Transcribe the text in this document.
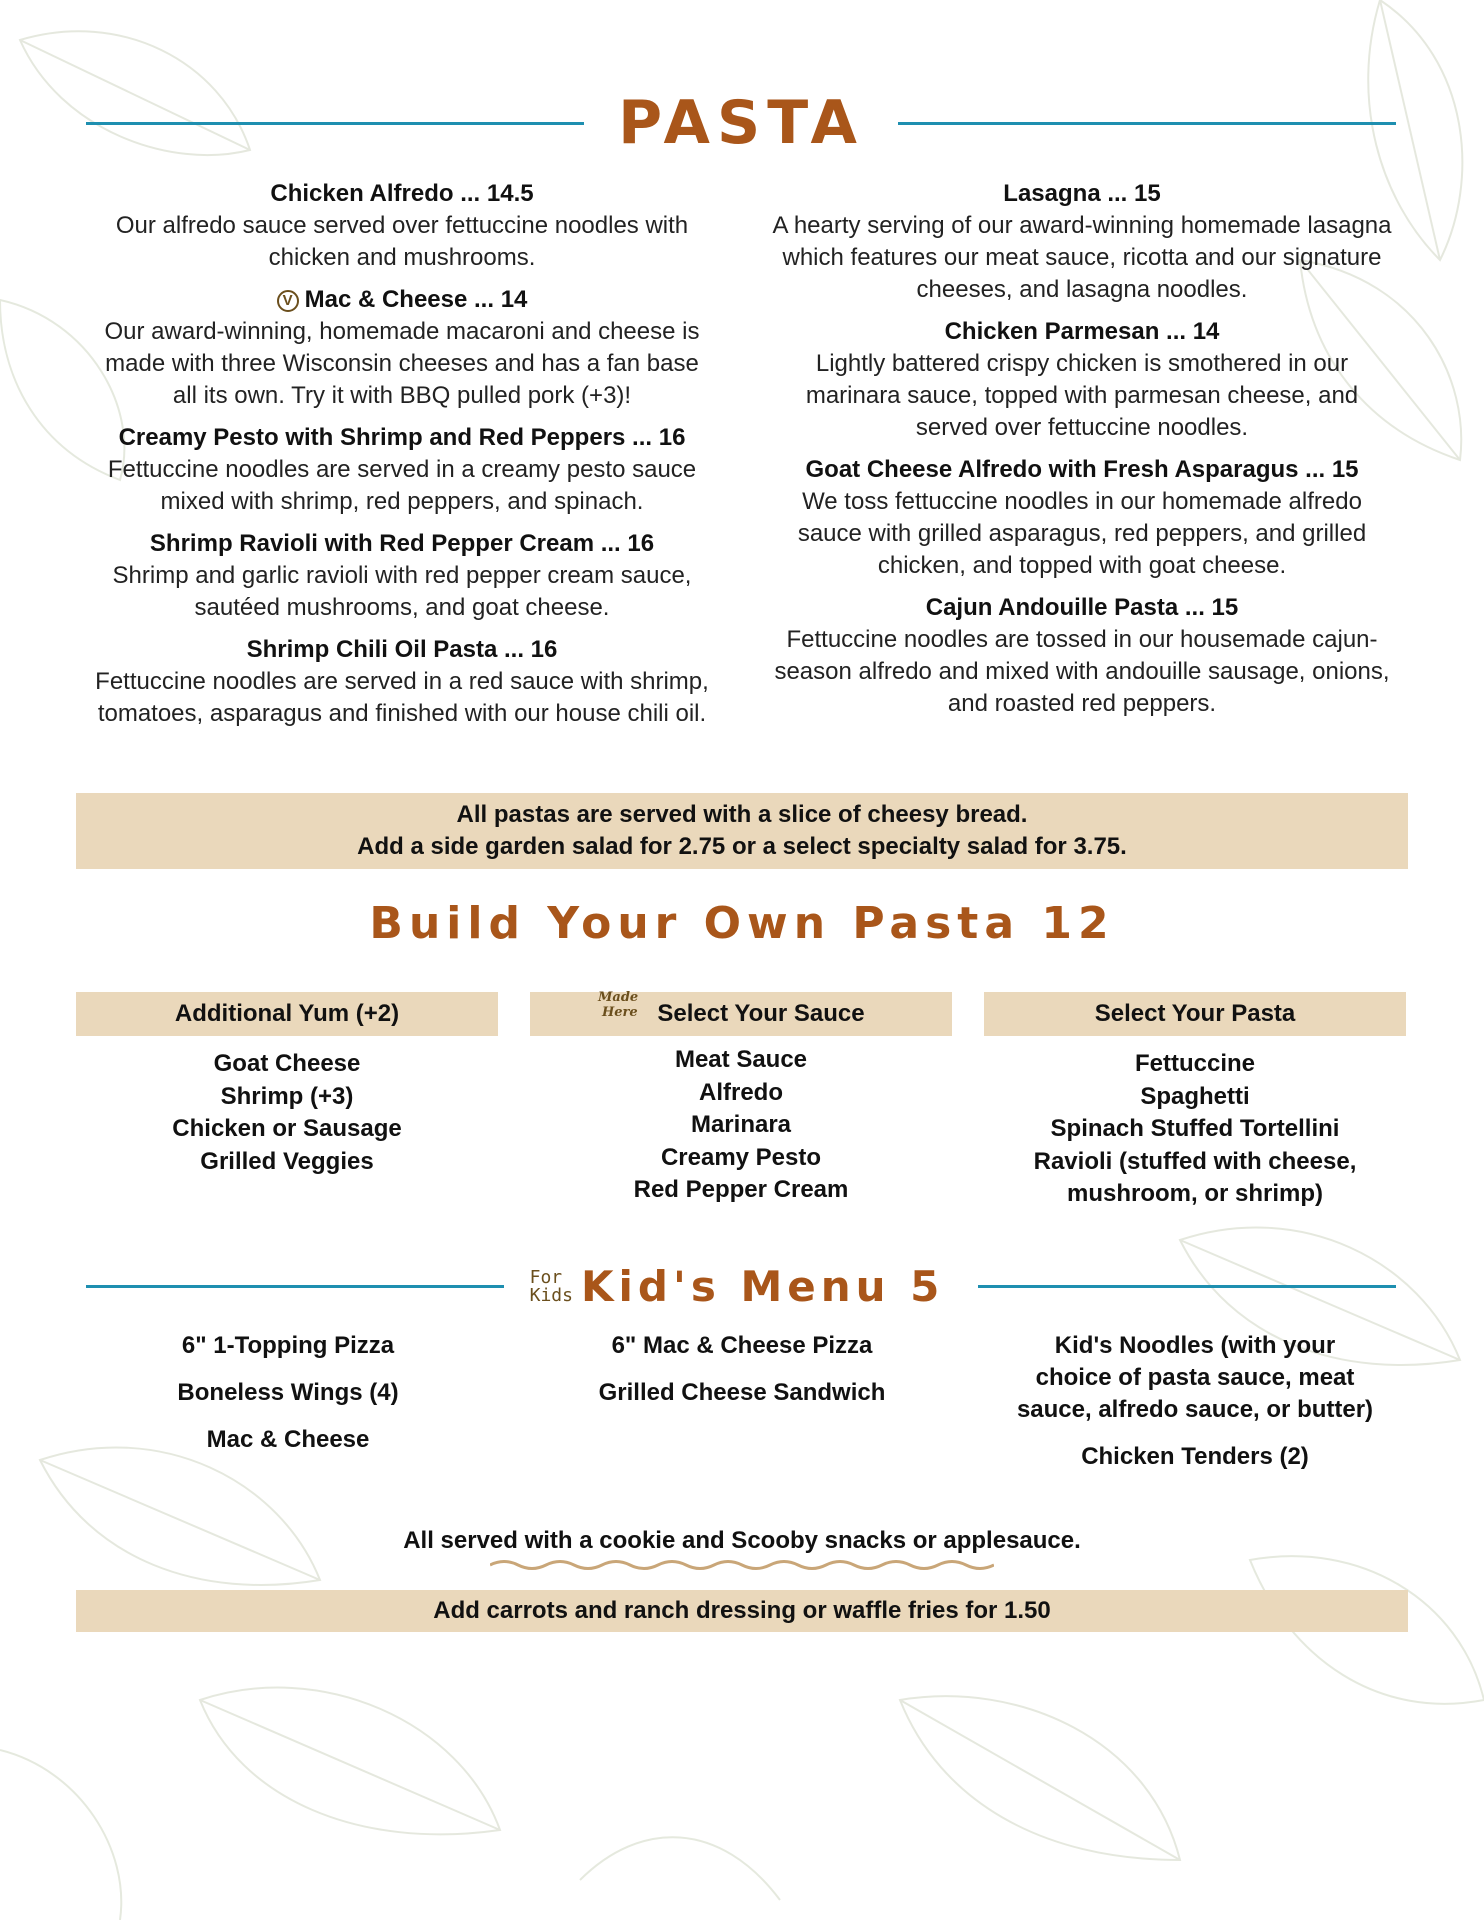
PASTA
Chicken Alfredo ... 14.5
Our alfredo sauce served over fettuccine noodles with chicken and mushrooms.
V Mac & Cheese ... 14
Our award-winning, homemade macaroni and cheese is made with three Wisconsin cheeses and has a fan base all its own. Try it with BBQ pulled pork (+3)!
Creamy Pesto with Shrimp and Red Peppers ... 16
Fettuccine noodles are served in a creamy pesto sauce mixed with shrimp, red peppers, and spinach.
Shrimp Ravioli with Red Pepper Cream ... 16
Shrimp and garlic ravioli with red pepper cream sauce, sautéed mushrooms, and goat cheese.
Shrimp Chili Oil Pasta ... 16
Fettuccine noodles are served in a red sauce with shrimp, tomatoes, asparagus and finished with our house chili oil.
Lasagna ... 15
A hearty serving of our award-winning homemade lasagna which features our meat sauce, ricotta and our signature cheeses, and lasagna noodles.
Chicken Parmesan ... 14
Lightly battered crispy chicken is smothered in our marinara sauce, topped with parmesan cheese, and served over fettuccine noodles.
Goat Cheese Alfredo with Fresh Asparagus ... 15
We toss fettuccine noodles in our homemade alfredo sauce with grilled asparagus, red peppers, and grilled chicken, and topped with goat cheese.
Cajun Andouille Pasta ... 15
Fettuccine noodles are tossed in our housemade cajun-season alfredo and mixed with andouille sausage, onions, and roasted red peppers.
All pastas are served with a slice of cheesy bread.
Add a side garden salad for 2.75 or a select specialty salad for 3.75.
Build Your Own Pasta 12
Additional Yum (+2)
Goat Cheese
Shrimp (+3)
Chicken or Sausage
Grilled Veggies
Made
Here Select Your Sauce
Meat Sauce
Alfredo
Marinara
Creamy Pesto
Red Pepper Cream
Select Your Pasta
Fettuccine
Spaghetti
Spinach Stuffed Tortellini
Ravioli (stuffed with cheese, mushroom, or shrimp)
For
Kids Kid's Menu 5
6" 1-Topping Pizza
Boneless Wings (4)
Mac & Cheese
6" Mac & Cheese Pizza
Grilled Cheese Sandwich
Kid's Noodles (with your choice of pasta sauce, meat sauce, alfredo sauce, or butter)
Chicken Tenders (2)
All served with a cookie and Scooby snacks or applesauce.
Add carrots and ranch dressing or waffle fries for 1.50
